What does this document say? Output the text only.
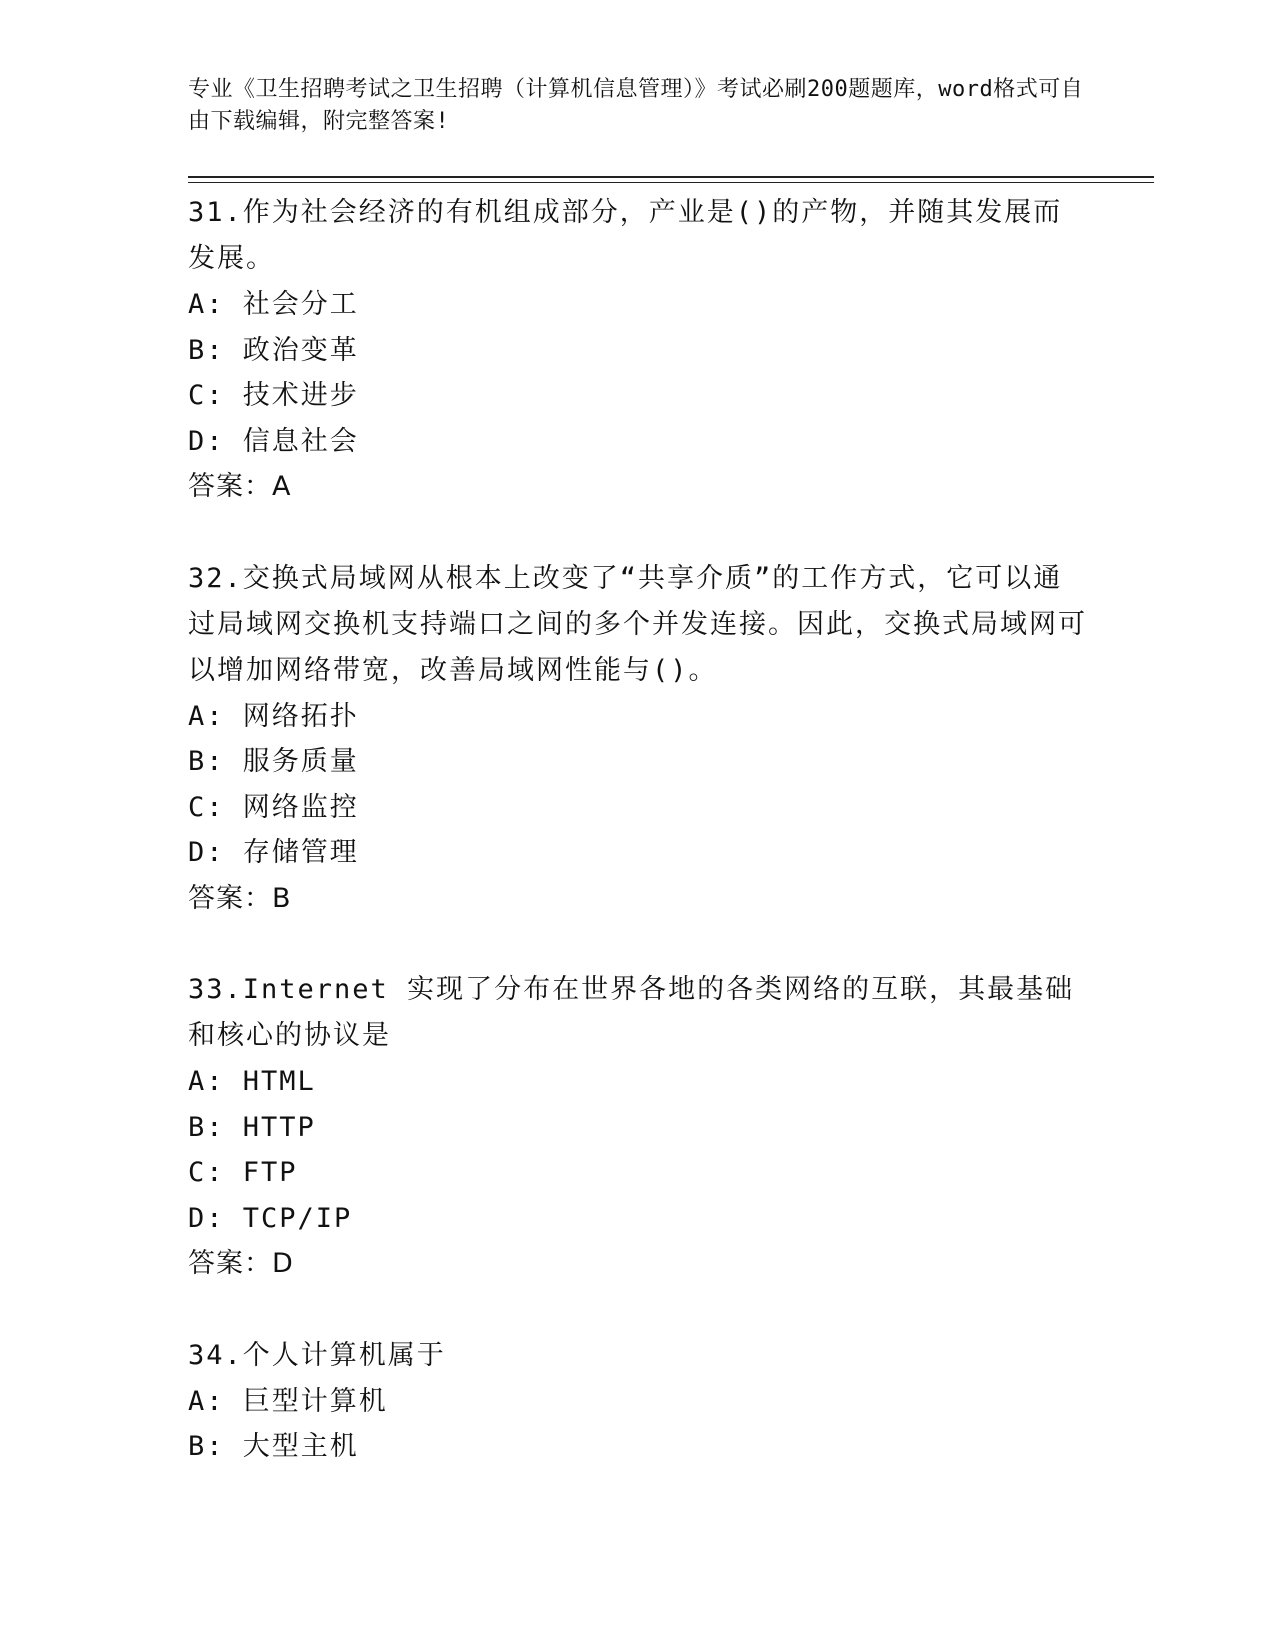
专业《卫生招聘考试之卫生招聘（计算机信息管理）》考试必刷200题题库，word格式可自由下载编辑，附完整答案!
31.作为社会经济的有机组成部分，产业是()的产物，并随其发展而发展。
A: 社会分工
B: 政治变革
C: 技术进步
D: 信息社会
答案：A
32.交换式局域网从根本上改变了“共享介质”的工作方式，它可以通过局域网交换机支持端口之间的多个并发连接。因此，交换式局域网可以增加网络带宽，改善局域网性能与()。
A: 网络拓扑
B: 服务质量
C: 网络监控
D: 存储管理
答案：B
33.Internet 实现了分布在世界各地的各类网络的互联，其最基础和核心的协议是
A: HTML
B: HTTP
C: FTP
D: TCP/IP
答案：D
34.个人计算机属于
A: 巨型计算机
B: 大型主机
